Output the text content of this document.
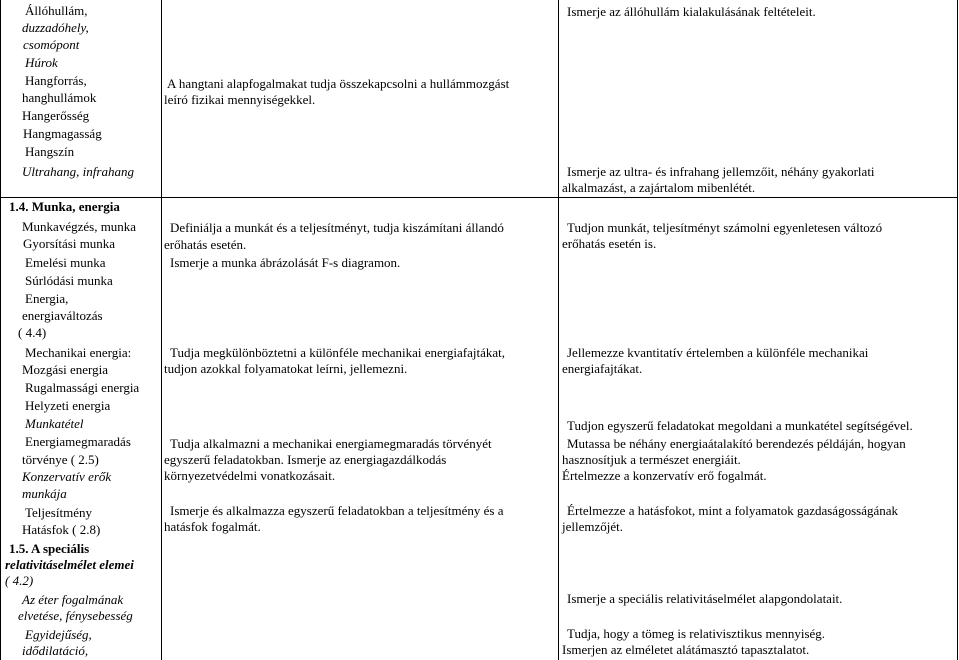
Állóhullám,
duzzadóhely,
csomópont
Húrok
Hangforrás,
hanghullámok
Hangerősség
Hangmagasság
Hangszín
Ultrahang, infrahang
1.4. Munka, energia
Munkavégzés, munka
Gyorsítási munka
Emelési munka
Súrlódási munka
Energia,
energiaváltozás
( 4.4)
Mechanikai energia:
Mozgási energia
Rugalmassági energia
Helyzeti energia
Munkatétel
Energiamegmaradás
törvénye ( 2.5)
Konzervatív erők
munkája
Teljesítmény
Hatásfok ( 2.8)
1.5. A speciális
relativitáselmélet elemei
( 4.2)
Az éter fogalmának
elvetése, fénysebesség
Egyidejűség,
idődilatáció,
A hangtani alapfogalmakat tudja összekapcsolni a hullámmozgást
leíró fizikai mennyiségekkel.
Definiálja a munkát és a teljesítményt, tudja kiszámítani állandó
erőhatás esetén.
Ismerje a munka ábrázolását F-s diagramon.
Tudja megkülönböztetni a különféle mechanikai energiafajtákat,
tudjon azokkal folyamatokat leírni, jellemezni.
Tudja alkalmazni a mechanikai energiamegmaradás törvényét
egyszerű feladatokban. Ismerje az energiagazdálkodás
környezetvédelmi vonatkozásait.
Ismerje és alkalmazza egyszerű feladatokban a teljesítmény és a
hatásfok fogalmát.
Ismerje az állóhullám kialakulásának feltételeit.
Ismerje az ultra- és infrahang jellemzőit, néhány gyakorlati
alkalmazást, a zajártalom mibenlétét.
Tudjon munkát, teljesítményt számolni egyenletesen változó
erőhatás esetén is.
Jellemezze kvantitatív értelemben a különféle mechanikai
energiafajtákat.
Tudjon egyszerű feladatokat megoldani a munkatétel segítségével.
Mutassa be néhány energiaátalakító berendezés példáján, hogyan
hasznosítjuk a természet energiáit.
Értelmezze a konzervatív erő fogalmát.
Értelmezze a hatásfokot, mint a folyamatok gazdaságosságának
jellemzőjét.
Ismerje a speciális relativitáselmélet alapgondolatait.
Tudja, hogy a tömeg is relativisztikus mennyiség.
Ismerjen az elméletet alátámasztó tapasztalatot.
